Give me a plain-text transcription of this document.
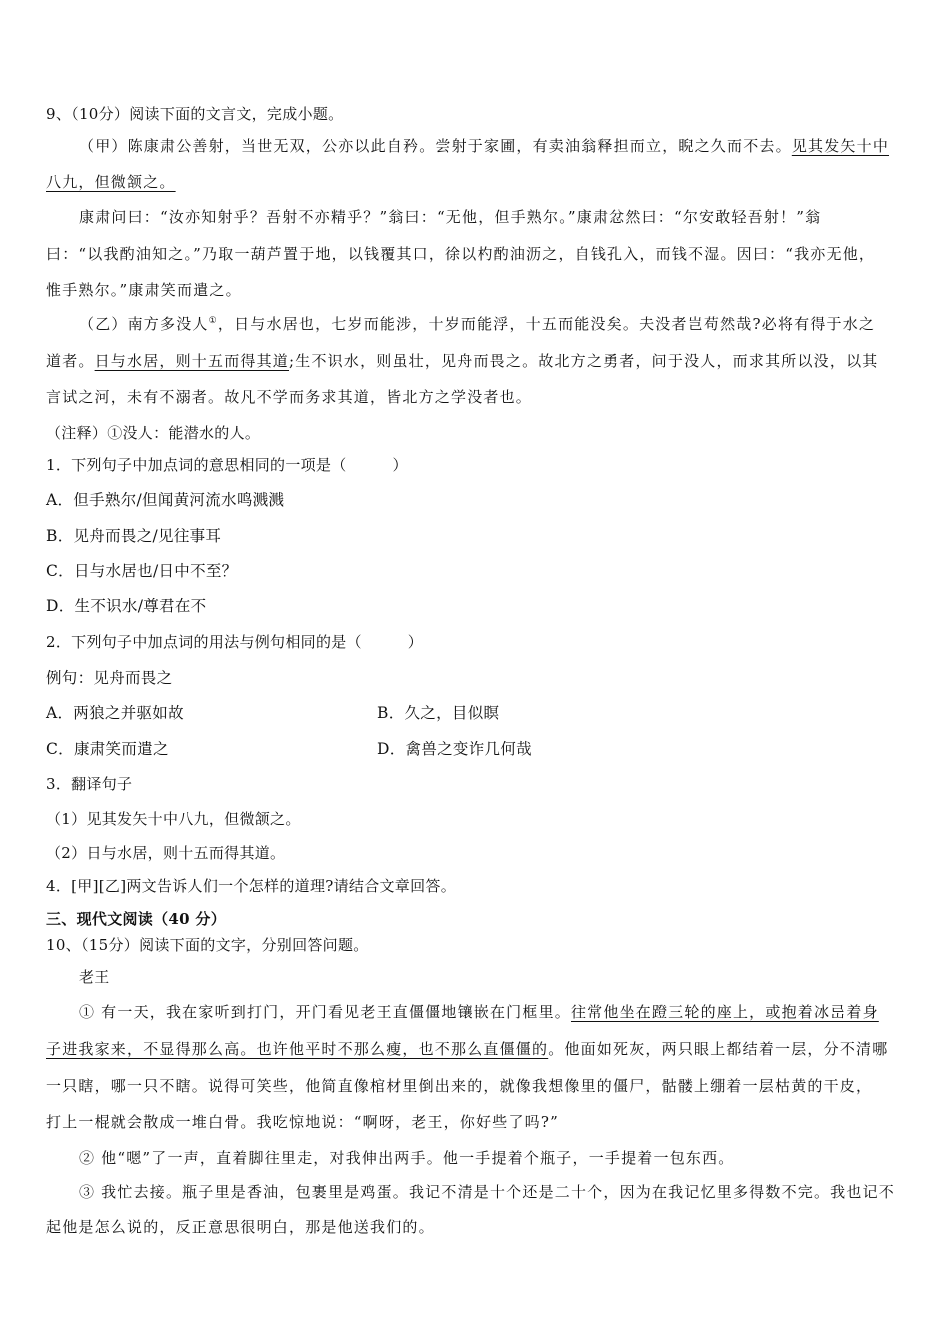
9、（10分）阅读下面的文言文，完成小题。
（甲）陈康肃公善射，当世无双，公亦以此自矜。尝射于家圃，有卖油翁释担而立，睨之久而不去。见其发矢十中
八九，但微颔之。
康肃问曰：“汝亦知射乎？吾射不亦精乎？”翁曰：“无他，但手熟尔。”康肃忿然曰：“尔安敢轻吾射！”翁
曰：“以我酌油知之。”乃取一葫芦置于地，以钱覆其口，徐以杓酌油沥之，自钱孔入，而钱不湿。因曰：“我亦无他，
惟手熟尔。”康肃笑而遣之。
（乙）南方多没人①，日与水居也，七岁而能涉，十岁而能浮，十五而能没矣。夫没者岂苟然哉?必将有得于水之
道者。日与水居，则十五而得其道;生不识水，则虽壮，见舟而畏之。故北方之勇者，问于没人，而求其所以没，以其
言试之河，未有不溺者。故凡不学而务求其道，皆北方之学没者也。
（注释）①没人：能潜水的人。
1．下列句子中加点词的意思相同的一项是（　　　）
A．但手熟尔/但闻黄河流水鸣溅溅
B．见舟而畏之/见往事耳
C．日与水居也/日中不至？
D．生不识水/尊君在不
2．下列句子中加点词的用法与例句相同的是（　　　）
例句：见舟而畏之
A．两狼之并驱如故	B．久之，目似瞑
C．康肃笑而遣之	D．禽兽之变诈几何哉
3．翻译句子
（1）见其发矢十中八九，但微颔之。
（2）日与水居，则十五而得其道。
4．[甲][乙]两文告诉人们一个怎样的道理?请结合文章回答。
三、现代文阅读（40 分）
10、（15分）阅读下面的文字，分别回答问题。
老王
① 有一天，我在家听到打门，开门看见老王直僵僵地镶嵌在门框里。往常他坐在蹬三轮的座上，或抱着冰㞯着身
子进我家来，不显得那么高。也许他平时不那么瘦，也不那么直僵僵的。他面如死灰，两只眼上都结着一层，分不清哪
一只瞎，哪一只不瞎。说得可笑些，他简直像棺材里倒出来的，就像我想像里的僵尸，骷髅上绷着一层枯黄的干皮，
打上一棍就会散成一堆白骨。我吃惊地说：“啊呀，老王，你好些了吗?”
② 他“嗯”了一声，直着脚往里走，对我伸出两手。他一手提着个瓶子，一手提着一包东西。
③ 我忙去接。瓶子里是香油，包裹里是鸡蛋。我记不清是十个还是二十个，因为在我记忆里多得数不完。我也记不
起他是怎么说的，反正意思很明白，那是他送我们的。
